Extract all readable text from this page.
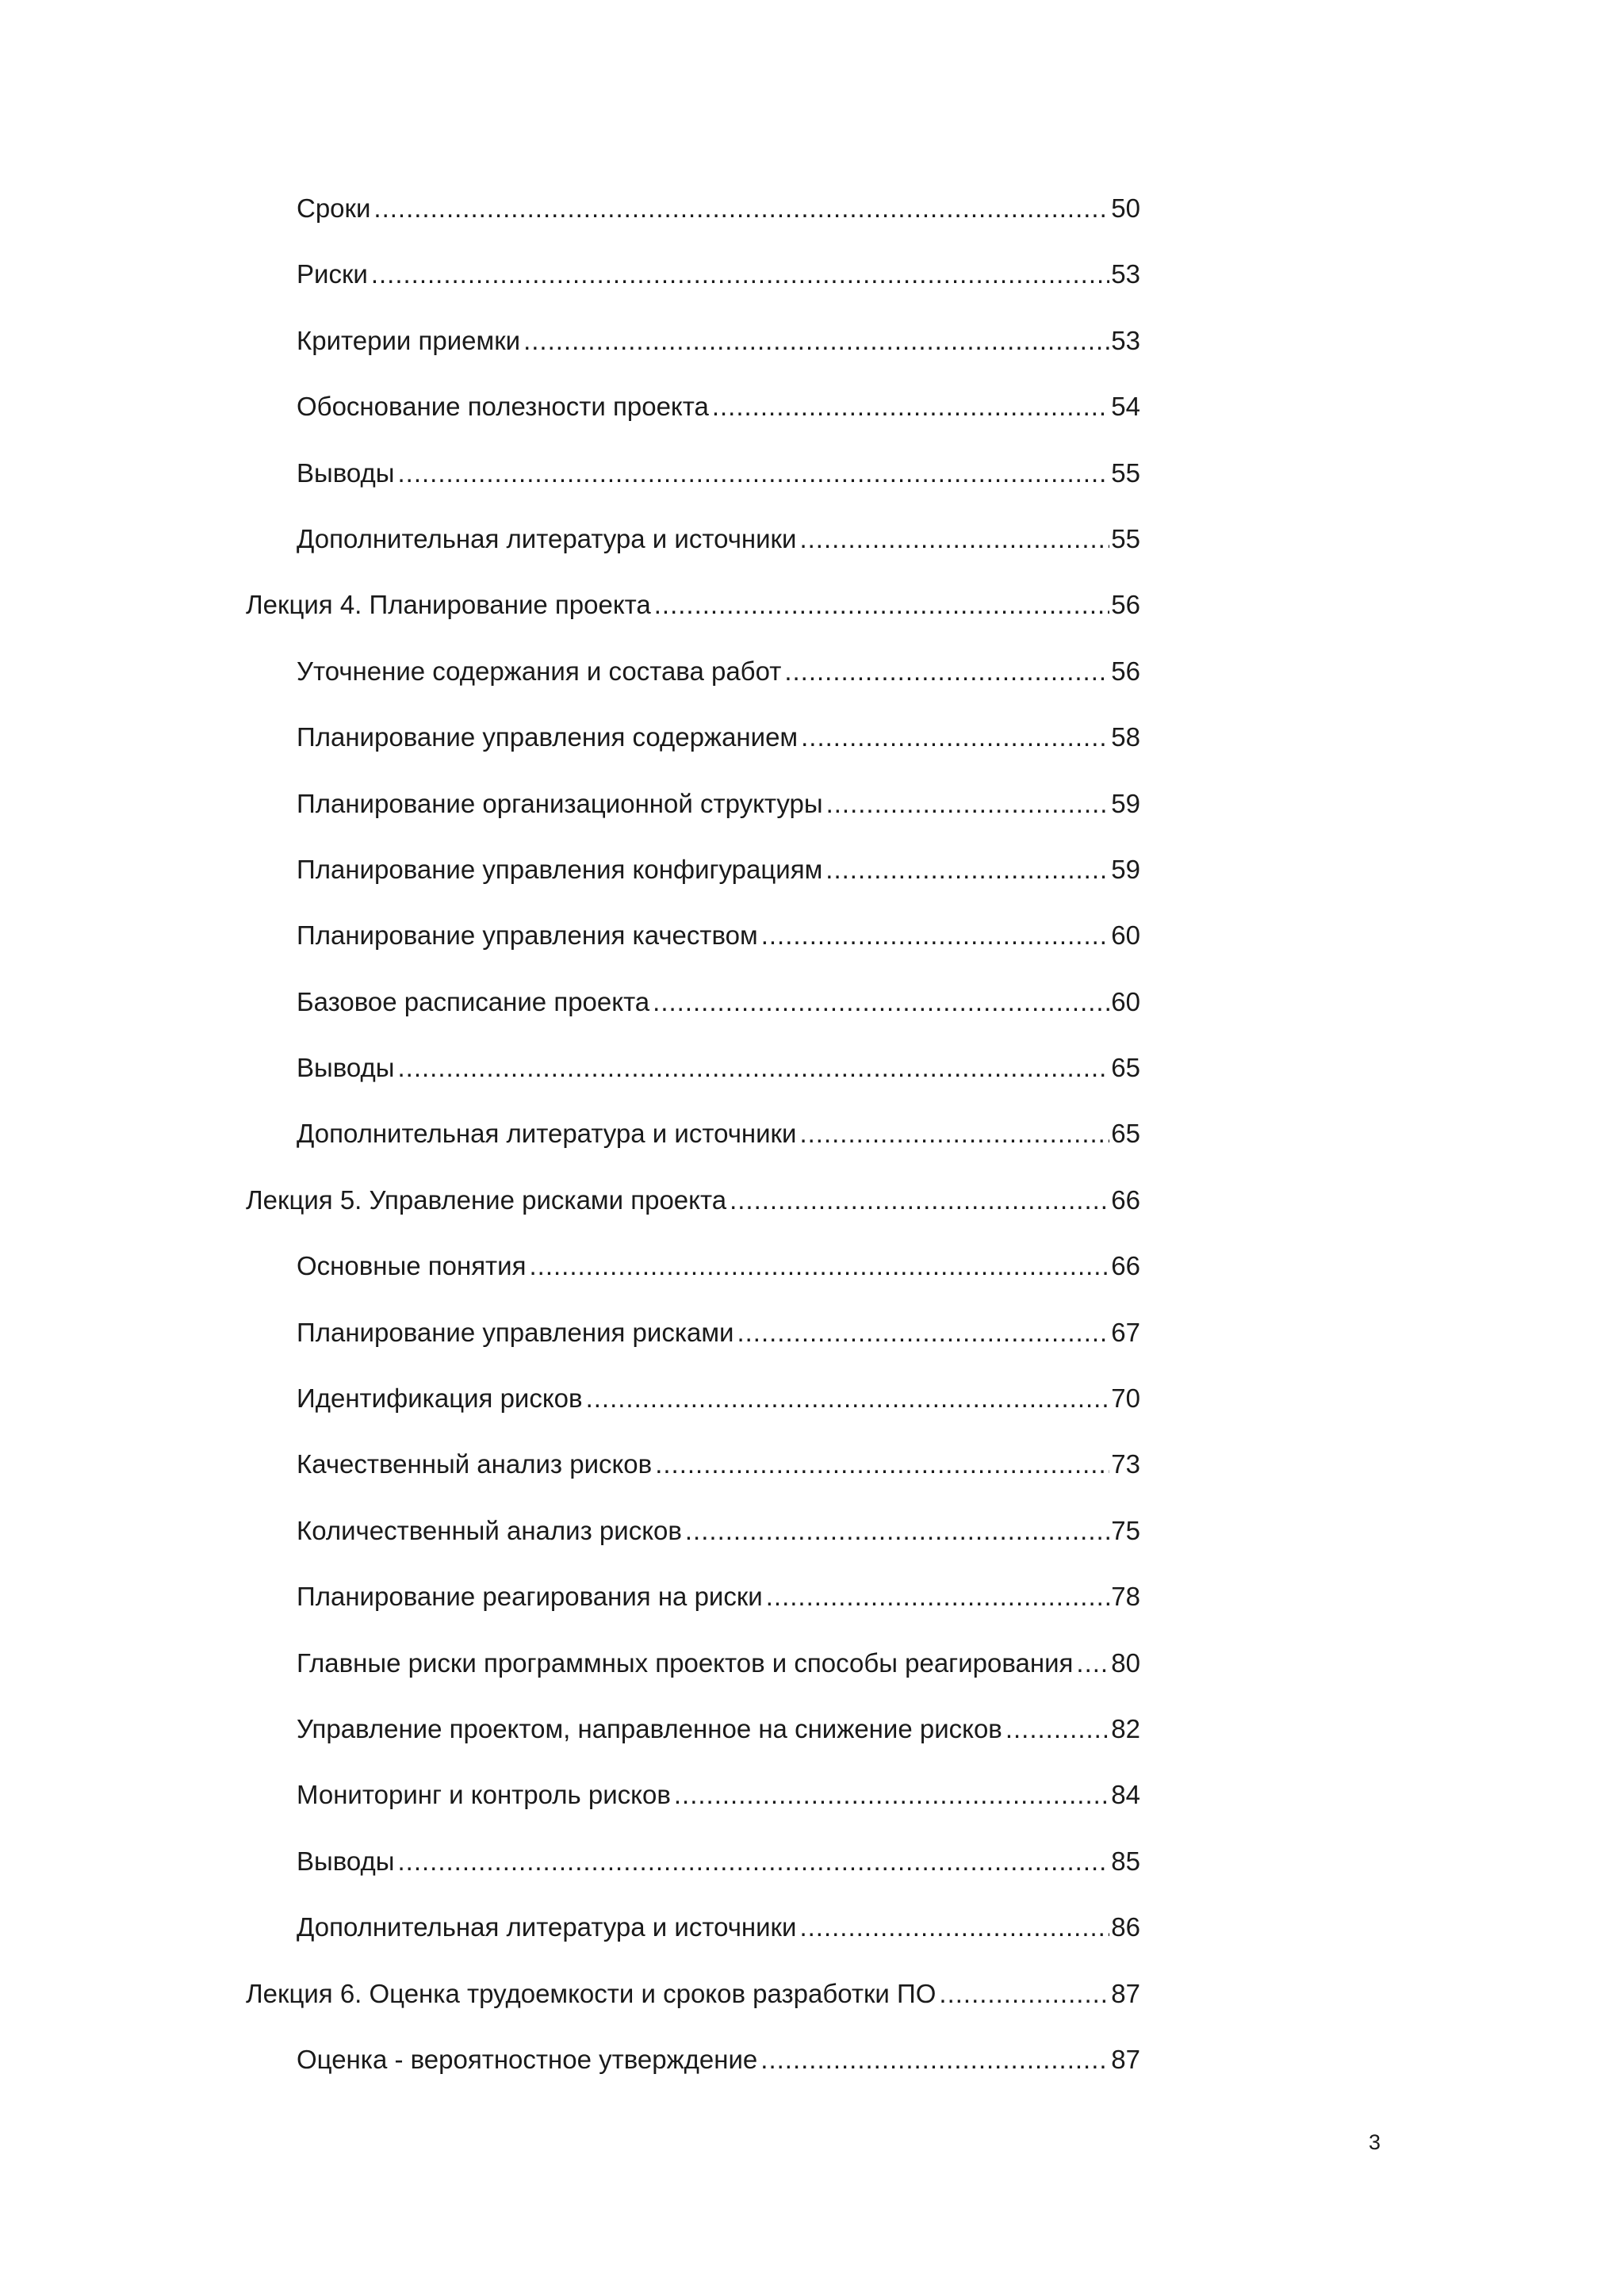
Сроки .....	50
Риски .....	53
Критерии приемки .....	53
Обоснование полезности проекта .....	54
Выводы .....	55
Дополнительная литература и источники .....	55
Лекция 4. Планирование проекта .....	56
Уточнение содержания и состава работ .....	56
Планирование управления содержанием .....	58
Планирование организационной структуры .....	59
Планирование управления конфигурациям .....	59
Планирование управления качеством .....	60
Базовое расписание проекта .....	60
Выводы .....	65
Дополнительная литература и источники .....	65
Лекция 5. Управление рисками проекта .....	66
Основные понятия .....	66
Планирование управления рисками .....	67
Идентификация рисков .....	70
Качественный анализ рисков .....	73
Количественный анализ рисков .....	75
Планирование реагирования на риски .....	78
Главные риски программных проектов и способы реагирования ..... 80
Управление проектом, направленное на снижение рисков .....	82
Мониторинг и контроль рисков .....	84
Выводы .....	85
Дополнительная литература и источники .....	86
Лекция 6. Оценка трудоемкости и сроков разработки ПО .....	87
Оценка - вероятностное утверждение .....	87
3
